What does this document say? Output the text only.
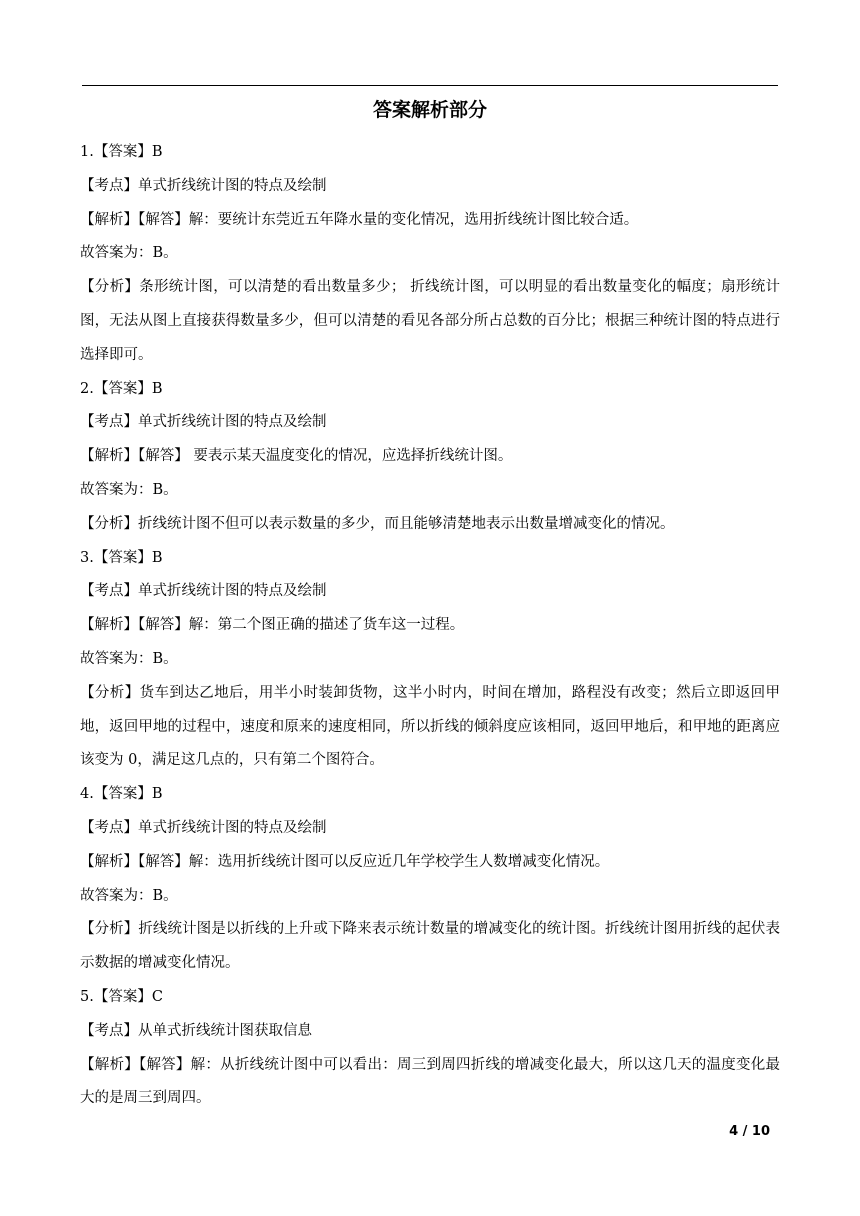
答案解析部分
1.【答案】B
【考点】单式折线统计图的特点及绘制
【解析】【解答】解：要统计东莞近五年降水量的变化情况，选用折线统计图比较合适。
故答案为：B。
【分析】条形统计图，可以清楚的看出数量多少； 折线统计图，可以明显的看出数量变化的幅度；扇形统计图，无法从图上直接获得数量多少，但可以清楚的看见各部分所占总数的百分比；根据三种统计图的特点进行选择即可。
2.【答案】B
【考点】单式折线统计图的特点及绘制
【解析】【解答】 要表示某天温度变化的情况，应选择折线统计图。
故答案为：B。
【分析】折线统计图不但可以表示数量的多少，而且能够清楚地表示出数量增减变化的情况。
3.【答案】B
【考点】单式折线统计图的特点及绘制
【解析】【解答】解：第二个图正确的描述了货车这一过程。
故答案为：B。
【分析】货车到达乙地后，用半小时装卸货物，这半小时内，时间在增加，路程没有改变；然后立即返回甲地，返回甲地的过程中，速度和原来的速度相同，所以折线的倾斜度应该相同，返回甲地后，和甲地的距离应该变为 0，满足这几点的，只有第二个图符合。
4.【答案】B
【考点】单式折线统计图的特点及绘制
【解析】【解答】解：选用折线统计图可以反应近几年学校学生人数增减变化情况。
故答案为：B。
【分析】折线统计图是以折线的上升或下降来表示统计数量的增减变化的统计图。折线统计图用折线的起伏表示数据的增减变化情况。
5.【答案】C
【考点】从单式折线统计图获取信息
【解析】【解答】解：从折线统计图中可以看出：周三到周四折线的增减变化最大，所以这几天的温度变化最大的是周三到周四。
4 / 10
